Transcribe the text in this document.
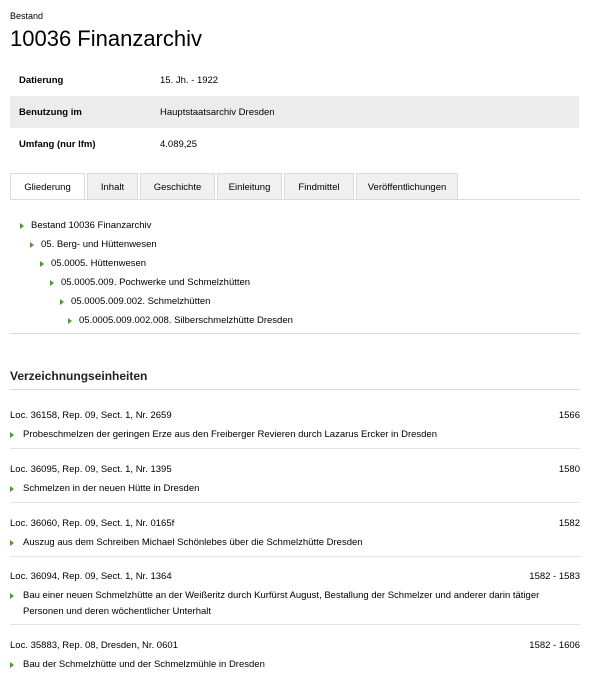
Bestand
10036 Finanzarchiv
Datierung	15. Jh. - 1922
Benutzung im	Hauptstaatsarchiv Dresden
Umfang (nur lfm)	4.089,25
Gliederung	Inhalt	Geschichte	Einleitung	Findmittel	Veröffentlichungen
Bestand 10036 Finanzarchiv
05. Berg- und Hüttenwesen
05.0005. Hüttenwesen
05.0005.009. Pochwerke und Schmelzhütten
05.0005.009.002. Schmelzhütten
05.0005.009.002.008. Silberschmelzhütte Dresden
Verzeichnungseinheiten
Loc. 36158, Rep. 09, Sect. 1, Nr. 2659	1566
Probeschmelzen der geringen Erze aus den Freiberger Revieren durch Lazarus Ercker in Dresden
Loc. 36095, Rep. 09, Sect. 1, Nr. 1395	1580
Schmelzen in der neuen Hütte in Dresden
Loc. 36060, Rep. 09, Sect. 1, Nr. 0165f	1582
Auszug aus dem Schreiben Michael Schönlebes über die Schmelzhütte Dresden
Loc. 36094, Rep. 09, Sect. 1, Nr. 1364	1582 - 1583
Bau einer neuen Schmelzhütte an der Weißeritz durch Kurfürst August, Bestallung der Schmelzer und anderer darin tätiger Personen und deren wöchentlicher Unterhalt
Loc. 35883, Rep. 08, Dresden, Nr. 0601	1582 - 1606
Bau der Schmelzhütte und der Schmelzmühle in Dresden
